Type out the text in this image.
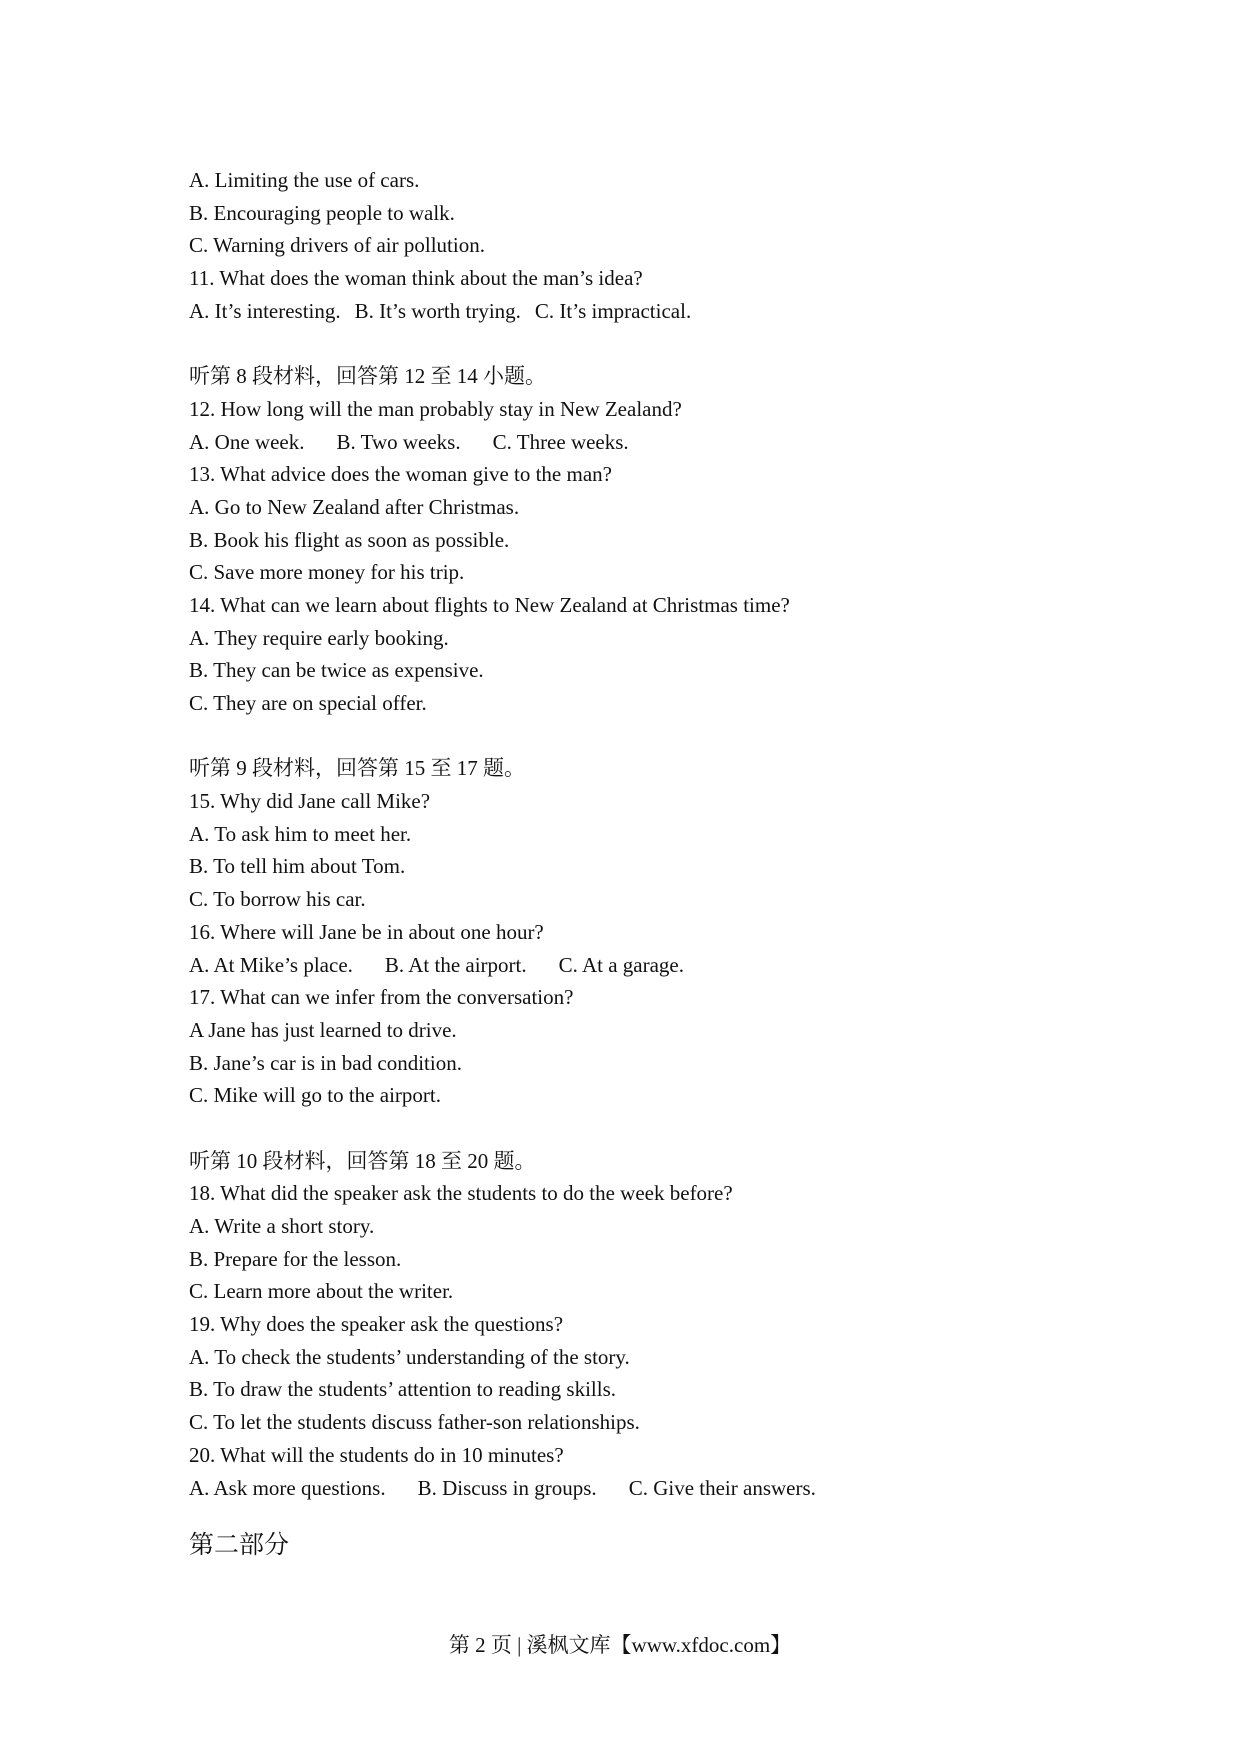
A. Limiting the use of cars.
B. Encouraging people to walk.
C. Warning drivers of air pollution.
11. What does the woman think about the man’s idea?
A. It’s interesting. B. It’s worth trying. C. It’s impractical.
听第 8 段材料，回答第 12 至 14 小题。
12. How long will the man probably stay in New Zealand?
A. One week. B. Two weeks. C. Three weeks.
13. What advice does the woman give to the man?
A. Go to New Zealand after Christmas.
B. Book his flight as soon as possible.
C. Save more money for his trip.
14. What can we learn about flights to New Zealand at Christmas time?
A. They require early booking.
B. They can be twice as expensive.
C. They are on special offer.
听第 9 段材料，回答第 15 至 17 题。
15. Why did Jane call Mike?
A. To ask him to meet her.
B. To tell him about Tom.
C. To borrow his car.
16. Where will Jane be in about one hour?
A. At Mike’s place. B. At the airport. C. At a garage.
17. What can we infer from the conversation?
A Jane has just learned to drive.
B. Jane’s car is in bad condition.
C. Mike will go to the airport.
听第 10 段材料，回答第 18 至 20 题。
18. What did the speaker ask the students to do the week before?
A. Write a short story.
B. Prepare for the lesson.
C. Learn more about the writer.
19. Why does the speaker ask the questions?
A. To check the students’ understanding of the story.
B. To draw the students’ attention to reading skills.
C. To let the students discuss father-son relationships.
20. What will the students do in 10 minutes?
A. Ask more questions. B. Discuss in groups. C. Give their answers.
第二部分
第 2 页 | 溪枫文库【www.xfdoc.com】
